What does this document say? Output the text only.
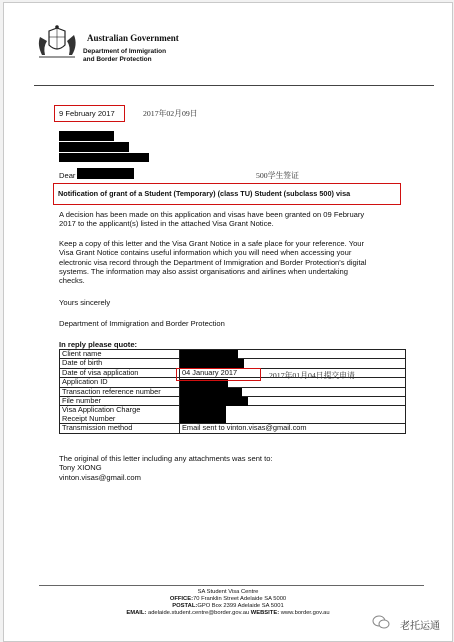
Australian Government
Department of Immigration
and Border Protection
9 February 2017	2017年02月09日
Dear	500学生签证
Notification of grant of a Student (Temporary) (class TU) Student (subclass 500) visa
A decision has been made on this application and visas have been granted on 09 February
2017 to the applicant(s) listed in the attached Visa Grant Notice.
Keep a copy of this letter and the Visa Grant Notice in a safe place for your reference. Your
Visa Grant Notice contains useful information which you will need when accessing your
electronic visa record through the Department of Immigration and Border Protection's digital
systems. The information may also assist organisations and airlines when undertaking
checks.
Yours sincerely
Department of Immigration and Border Protection
In reply please quote:
Client name	
Date of birth	
Date of visa application	04 January 2017
Application ID	
Transaction reference number	
File number	

Visa Application Charge
Receipt Number	

Transmission method	Email sent to vinton.visas@gmail.com
2017年01月04日提交申请
The original of this letter including any attachments was sent to:
Tony XIONG
vinton.visas@gmail.com
SA Student Visa Centre
OFFICE:70 Franklin Street Adelaide SA 5000
POSTAL:GPO Box 2399 Adelaide SA 5001
EMAIL: adelaide.student.centre@border.gov.au WEBSITE: www.border.gov.au
老托运通
